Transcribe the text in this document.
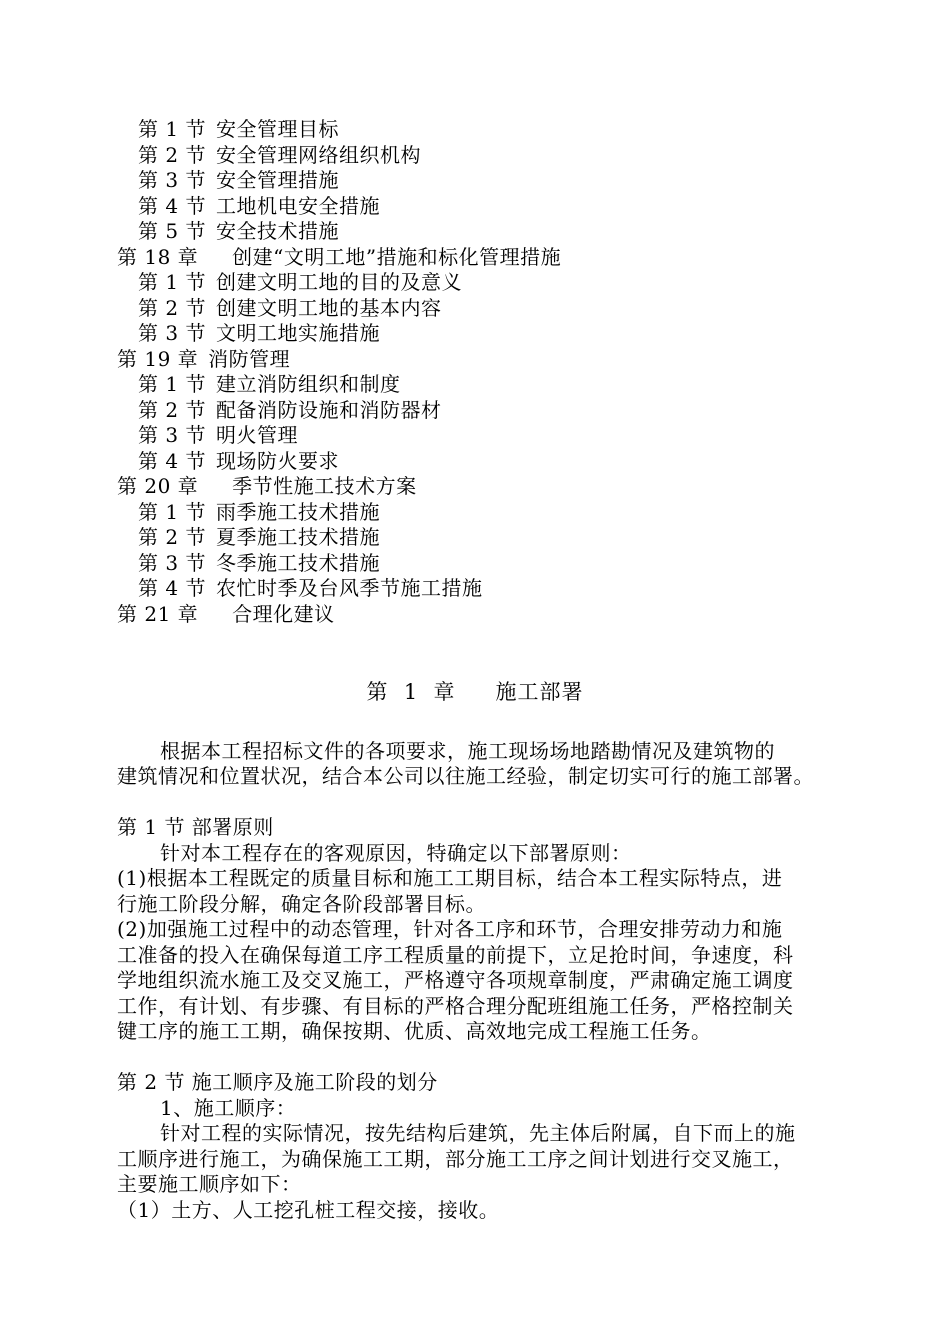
第 1 节 安全管理目标
第 2 节 安全管理网络组织机构
第 3 节 安全管理措施
第 4 节 工地机电安全措施
第 5 节 安全技术措施
第 18 章 创建“文明工地”措施和标化管理措施
第 1 节 创建文明工地的目的及意义
第 2 节 创建文明工地的基本内容
第 3 节 文明工地实施措施
第 19 章 消防管理
第 1 节 建立消防组织和制度
第 2 节 配备消防设施和消防器材
第 3 节 明火管理
第 4 节 现场防火要求
第 20 章 季节性施工技术方案
第 1 节 雨季施工技术措施
第 2 节 夏季施工技术措施
第 3 节 冬季施工技术措施
第 4 节 农忙时季及台风季节施工措施
第 21 章 合理化建议
第  1  章 施工部署
根据本工程招标文件的各项要求，施工现场场地踏勘情况及建筑物的
建筑情况和位置状况，结合本公司以往施工经验，制定切实可行的施工部署。
第 1 节 部署原则
针对本工程存在的客观原因，特确定以下部署原则：
(1)根据本工程既定的质量目标和施工工期目标，结合本工程实际特点，进
行施工阶段分解，确定各阶段部署目标。
(2)加强施工过程中的动态管理，针对各工序和环节，合理安排劳动力和施
工准备的投入在确保每道工序工程质量的前提下，立足抢时间，争速度，科
学地组织流水施工及交叉施工，严格遵守各项规章制度，严肃确定施工调度
工作，有计划、有步骤、有目标的严格合理分配班组施工任务，严格控制关
键工序的施工工期，确保按期、优质、高效地完成工程施工任务。
第 2 节 施工顺序及施工阶段的划分
1、施工顺序：
针对工程的实际情况，按先结构后建筑，先主体后附属，自下而上的施
工顺序进行施工，为确保施工工期，部分施工工序之间计划进行交叉施工，
主要施工顺序如下：
（1）土方、人工挖孔桩工程交接，接收。
